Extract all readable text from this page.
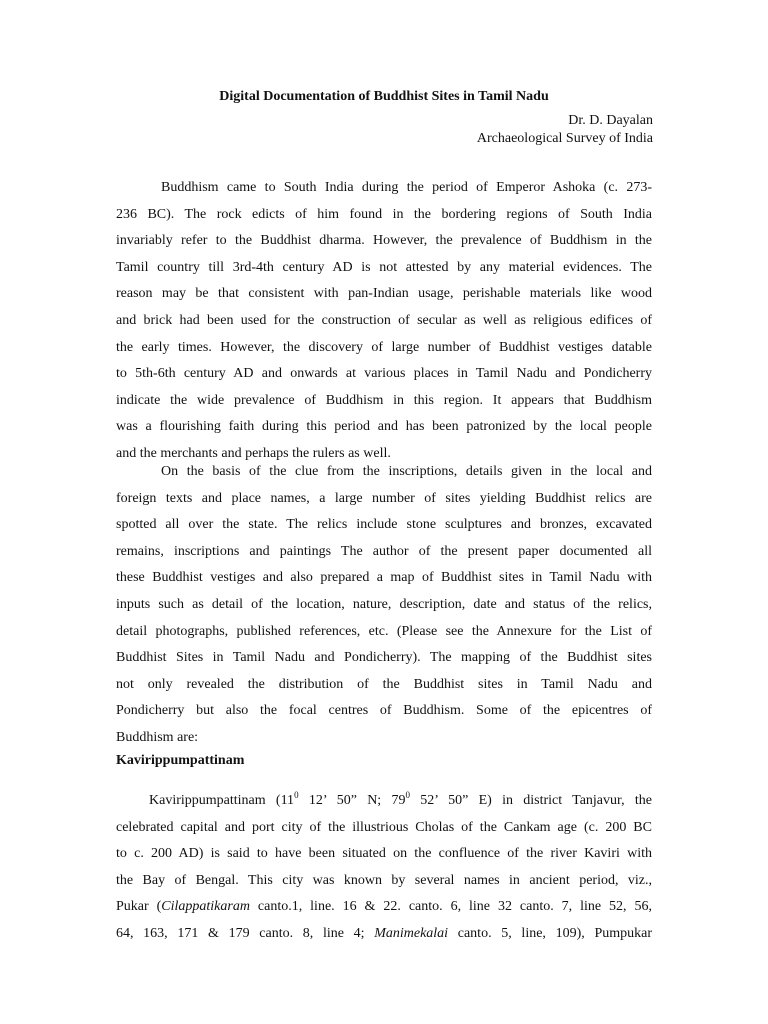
Digital Documentation of Buddhist Sites in Tamil Nadu
Dr. D. Dayalan
Archaeological Survey of India
Buddhism came to South India during the period of Emperor Ashoka (c. 273-
236 BC). The rock edicts of him found in the bordering regions of South India
invariably refer to the Buddhist dharma. However, the prevalence of Buddhism in the
Tamil country till 3rd-4th century AD is not attested by any material evidences. The
reason may be that consistent with pan-Indian usage, perishable materials like wood
and brick had been used for the construction of secular as well as religious edifices of
the early times. However, the discovery of large number of Buddhist vestiges datable
to 5th-6th century AD and onwards at various places in Tamil Nadu and Pondicherry
indicate the wide prevalence of Buddhism in this region. It appears that Buddhism
was a flourishing faith during this period and has been patronized by the local people
and the merchants and perhaps the rulers as well.
On the basis of the clue from the inscriptions, details given in the local and
foreign texts and place names, a large number of sites yielding Buddhist relics are
spotted all over the state. The relics include stone sculptures and bronzes, excavated
remains, inscriptions and paintings The author of the present paper documented all
these Buddhist vestiges and also prepared a map of Buddhist sites in Tamil Nadu with
inputs such as detail of the location, nature, description, date and status of the relics,
detail photographs, published references, etc. (Please see the Annexure for the List of
Buddhist Sites in Tamil Nadu and Pondicherry). The mapping of the Buddhist sites
not only revealed the distribution of the Buddhist sites in Tamil Nadu and
Pondicherry but also the focal centres of Buddhism. Some of the epicentres of
Buddhism are:
Kavirippumpattinam
Kavirippumpattinam ($11^0$ 12’ 50” N; $79^0$ 52’ 50” E) in district Tanjavur, the
celebrated capital and port city of the illustrious Cholas of the Cankam age (c. 200 BC
to c. 200 AD) is said to have been situated on the confluence of the river Kaviri with
the Bay of Bengal. This city was known by several names in ancient period, viz.,
Pukar (Cilappatikaram canto.1, line. 16 & 22. canto. 6, line 32 canto. 7, line 52, 56,
64, 163, 171 & 179 canto. 8, line 4; Manimekalai canto. 5, line, 109), Pumpukar
